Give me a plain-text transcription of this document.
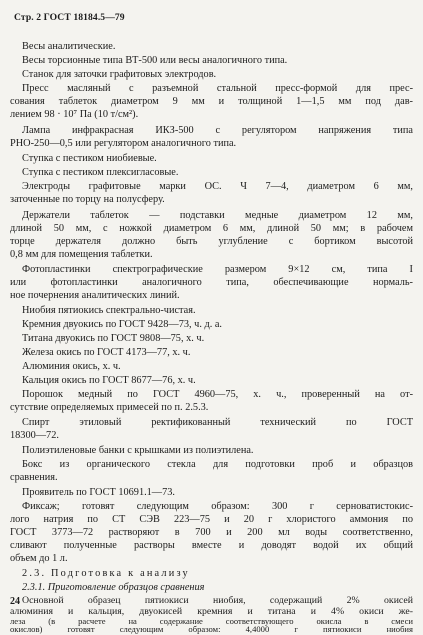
Стр. 2 ГОСТ 18184.5—79
Весы аналитические.
Весы торсионные типа ВТ-500 или весы аналогичного типа.
Станок для заточки графитовых электродов.
Пресс масляный с разъемной стальной пресс-формой для прес-
сования таблеток диаметром 9 мм и толщиной 1—1,5 мм под дав-
лением 98 · 10⁷ Па (10 т/см²).
Лампа инфракрасная ИКЗ-500 с регулятором напряжения типа
РНО-250—0,5 или регулятором аналогичного типа.
Ступка с пестиком ниобиевые.
Ступка с пестиком плексигласовые.
Электроды графитовые марки ОС. Ч 7—4, диаметром 6 мм,
заточенные по торцу на полусферу.
Держатели таблеток — подставки медные диаметром 12 мм,
длиной 50 мм, с ножкой диаметром 6 мм, длиной 50 мм; в рабочем
торце держателя должно быть углубление с бортиком высотой
0,8 мм для помещения таблетки.
Фотопластинки спектрографические размером 9×12 см, типа I
или фотопластинки аналогичного типа, обеспечивающие нормаль-
ное почернения аналитических линий.
Ниобия пятиокись спектрально-чистая.
Кремния двуокись по ГОСТ 9428—73, ч. д. а.
Титана двуокись по ГОСТ 9808—75, х. ч.
Железа окись по ГОСТ 4173—77, х. ч.
Алюминия окись, х. ч.
Кальция окись по ГОСТ 8677—76, х. ч.
Порошок медный по ГОСТ 4960—75, х. ч., проверенный на от-
сутствие определяемых примесей по п. 2.5.3.
Спирт этиловый ректификованный технический по ГОСТ
18300—72.
Полиэтиленовые банки с крышками из полиэтилена.
Бокс из органического стекла для подготовки проб и образцов
сравнения.
Проявитель по ГОСТ 10691.1—73.
Фиксаж; готовят следующим образом: 300 г серноватистокис-
лого натрия по СТ СЭВ 223—75 и 20 г хлористого аммония по
ГОСТ 3773—72 растворяют в 700 и 200 мл воды соответственно,
сливают полученные растворы вместе и доводят водой их общий
объем до 1 л.
2.3. Подготовка к анализу
2.3.1. Приготовление образцов сравнения
24 Основной образец пятиокиси ниобия, содержащий 2% окисей
алюминия и кальция, двуокисей кремния и титана и 4% окиси же-
леза (в расчете на содержание соответствующего окисла в смеси
окислов) готовят следующим образом: 4,4000 г пятиокиси ниобия
